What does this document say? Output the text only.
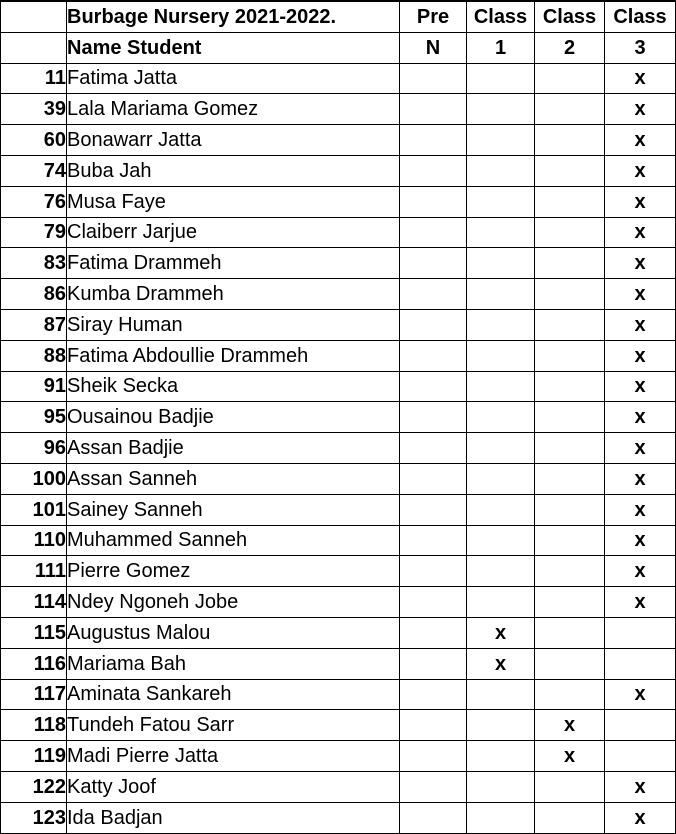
	Burbage Nursery 2021-2022.	Pre	Class	Class	Class
	Name Student	N	1	2	3
11	Fatima Jatta				x
39	Lala Mariama Gomez				x
60	Bonawarr Jatta				x
74	Buba Jah				x
76	Musa Faye				x
79	Claiberr Jarjue				x
83	Fatima Drammeh				x
86	Kumba Drammeh				x
87	Siray Human				x
88	Fatima Abdoullie Drammeh				x
91	Sheik Secka				x
95	Ousainou Badjie				x
96	Assan Badjie				x
100	Assan Sanneh				x
101	Sainey Sanneh				x
110	Muhammed Sanneh				x
111	Pierre Gomez				x
114	Ndey Ngoneh Jobe				x
115	Augustus Malou		x		
116	Mariama Bah		x		
117	Aminata Sankareh				x
118	Tundeh Fatou Sarr			x	
119	Madi Pierre Jatta			x	
122	Katty Joof				x
123	Ida Badjan				x
